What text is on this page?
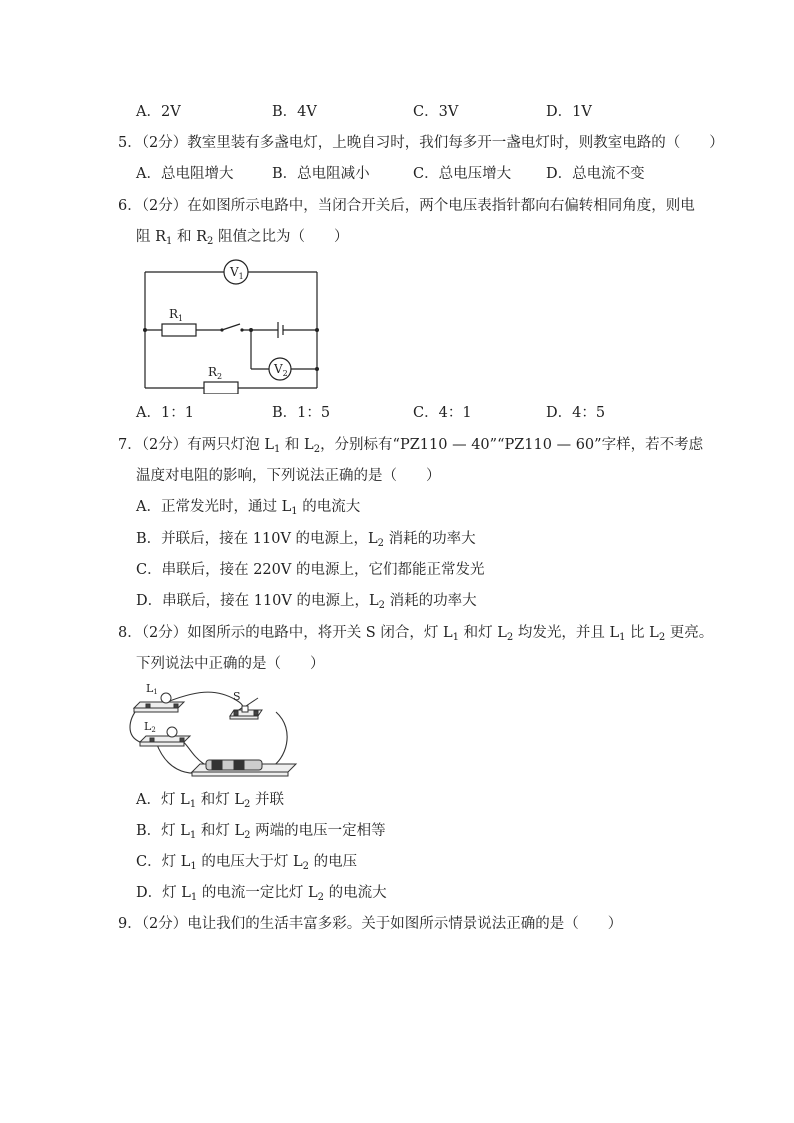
A．2V	B．4V	C．3V	D．1V
5．（2分）教室里装有多盏电灯，上晚自习时，我们每多开一盏电灯时，则教室电路的（　　）
A．总电阻增大	B．总电阻减小	C．总电压增大 D．总电流不变
6．（2分）在如图所示电路中，当闭合开关后，两个电压表指针都向右偏转相同角度，则电
阻 $R_1$ 和 $R_2$ 阻值之比为（　　）
$V_1$
$V_2$
$R_1$
$R_2$
A．1：1	B．1：5	C．4：1	D．4：5
7．（2分）有两只灯泡 $L_1$ 和 $L_2$，分别标有“PZ110 — 40”“PZ110 — 60”字样，若不考虑
温度对电阻的影响，下列说法正确的是（　　）
A．正常发光时，通过 $L_1$ 的电流大
B．并联后，接在 110V 的电源上，$L_2$ 消耗的功率大
C．串联后，接在 220V 的电源上，它们都能正常发光
D．串联后，接在 110V 的电源上，$L_2$ 消耗的功率大
8．（2分）如图所示的电路中，将开关 S 闭合，灯 $L_1$ 和灯 $L_2$ 均发光，并且 $L_1$ 比 $L_2$ 更亮。
下列说法中正确的是（　　）
L1
L2
S
A．灯 $L_1$ 和灯 $L_2$ 并联
B．灯 $L_1$ 和灯 $L_2$ 两端的电压一定相等
C．灯 $L_1$ 的电压大于灯 $L_2$ 的电压
D．灯 $L_1$ 的电流一定比灯 $L_2$ 的电流大
9．（2分）电让我们的生活丰富多彩。关于如图所示情景说法正确的是（　　）
